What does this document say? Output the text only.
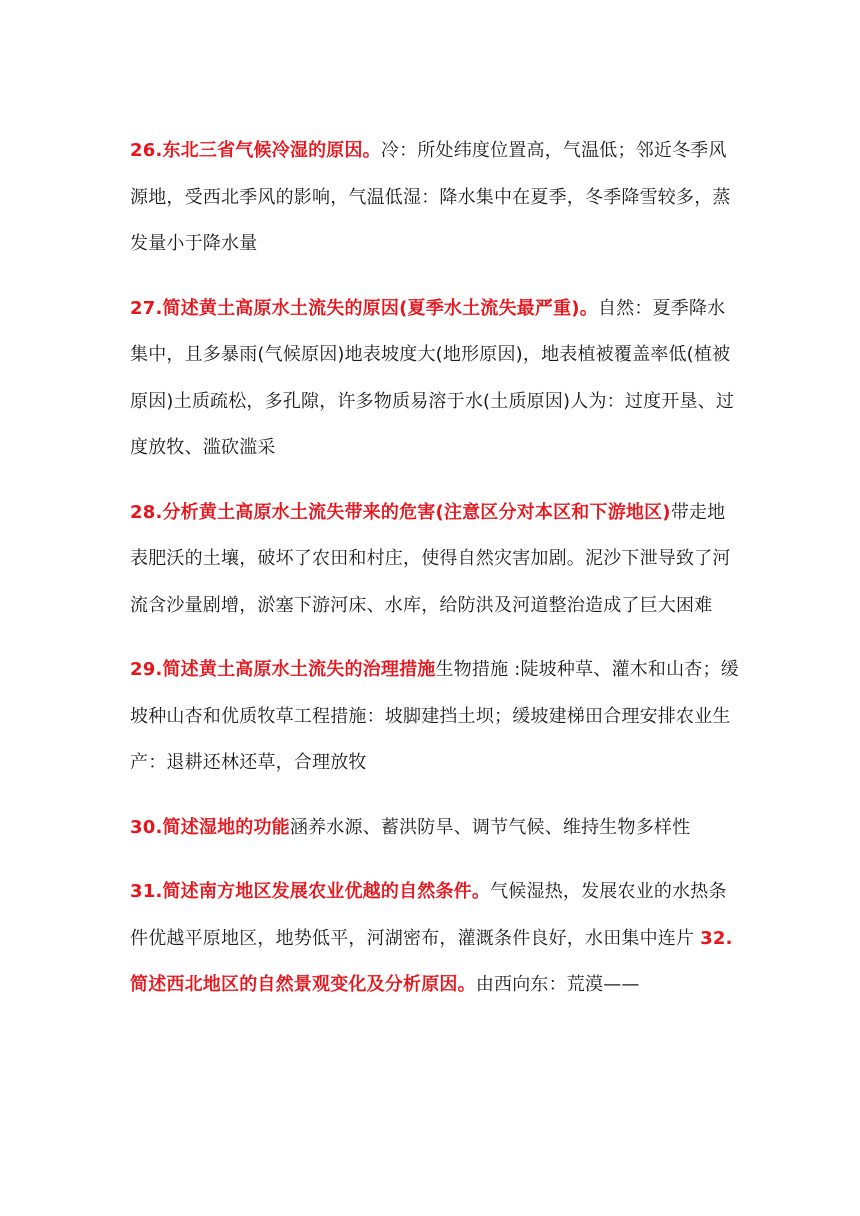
26.东北三省气候冷湿的原因。冷：所处纬度位置高，气温低；邻近冬季风源地，受西北季风的影响，气温低湿：降水集中在夏季，冬季降雪较多，蒸发量小于降水量

27.简述黄土高原水土流失的原因(夏季水土流失最严重)。自然：夏季降水集中，且多暴雨(气候原因)地表坡度大(地形原因)，地表植被覆盖率低(植被原因)土质疏松，多孔隙，许多物质易溶于水(土质原因)人为：过度开垦、过度放牧、滥砍滥采

28.分析黄土高原水土流失带来的危害(注意区分对本区和下游地区)带走地表肥沃的土壤，破坏了农田和村庄，使得自然灾害加剧。泥沙下泄导致了河流含沙量剧增，淤塞下游河床、水库，给防洪及河道整治造成了巨大困难

29.简述黄土高原水土流失的治理措施生物措施 :陡坡种草、灌木和山杏；缓坡种山杏和优质牧草工程措施：坡脚建挡土坝；缓坡建梯田合理安排农业生产：退耕还林还草，合理放牧

30.简述湿地的功能涵养水源、蓄洪防旱、调节气候、维持生物多样性

31.简述南方地区发展农业优越的自然条件。气候湿热，发展农业的水热条件优越平原地区，地势低平，河湖密布，灌溉条件良好，水田集中连片 32.简述西北地区的自然景观变化及分析原因。由西向东：荒漠——
